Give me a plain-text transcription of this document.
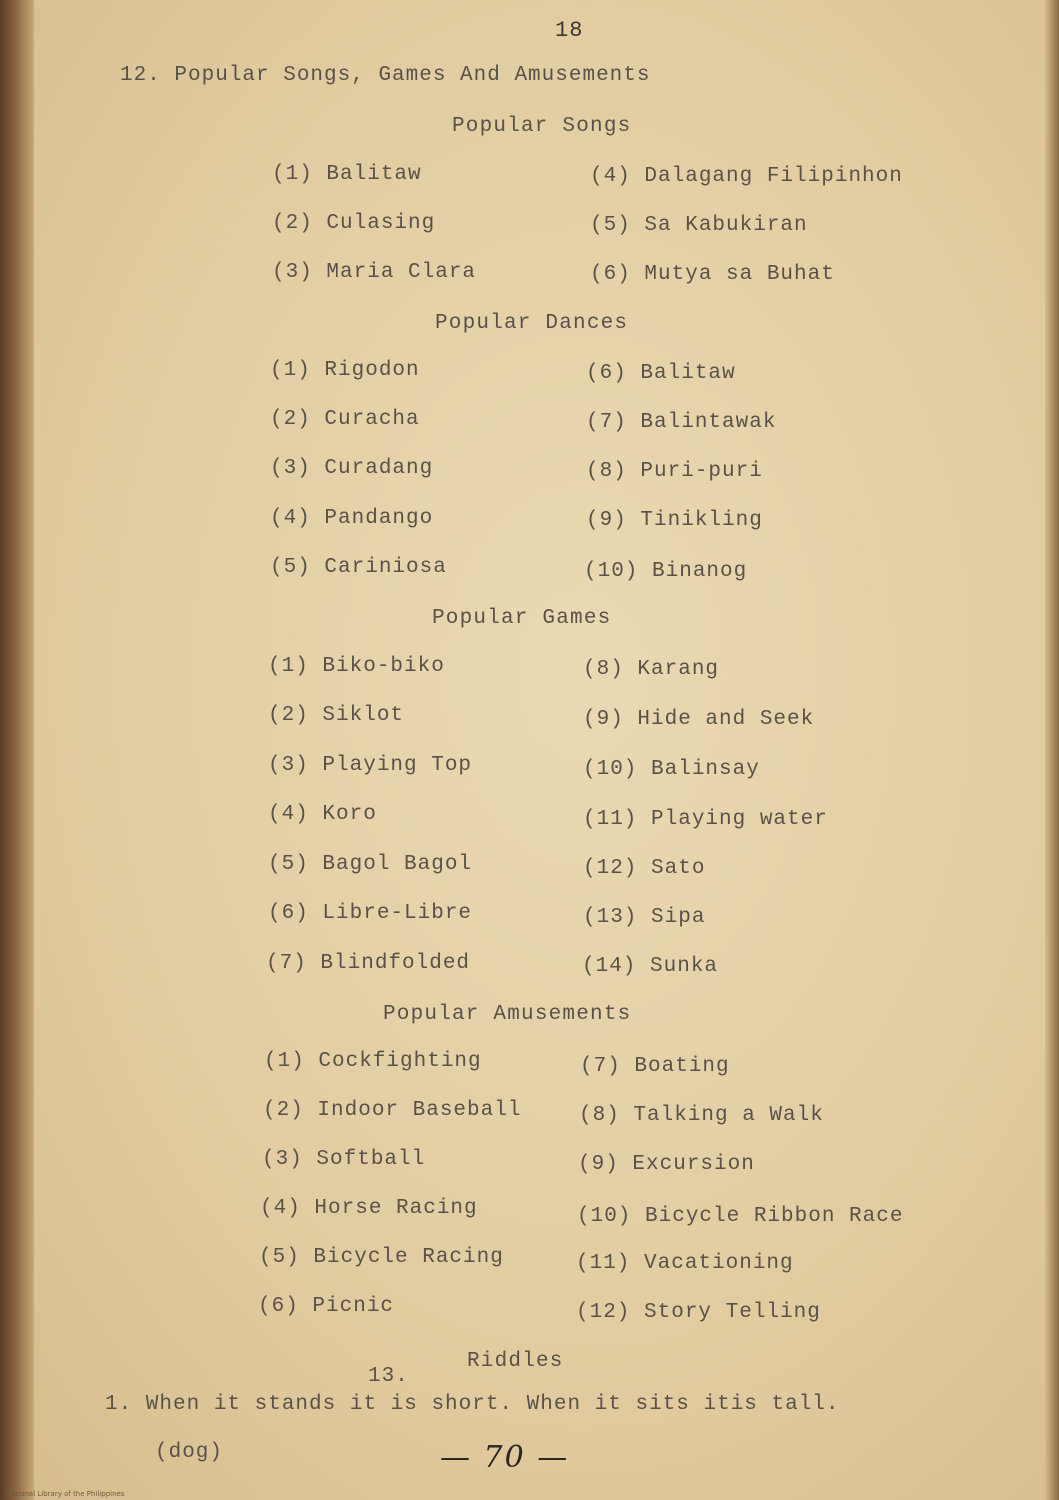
18
12. Popular Songs, Games And Amusements
Popular Songs
(1) Balitaw
(2) Culasing
(3) Maria Clara
(4) Dalagang Filipinhon
(5) Sa Kabukiran
(6) Mutya sa Buhat
Popular Dances
(1) Rigodon
(2) Curacha
(3) Curadang
(4) Pandango
(5) Cariniosa
(6) Balitaw
(7) Balintawak
(8) Puri-puri
(9) Tinikling
(10) Binanog
Popular Games
(1) Biko-biko
(2) Siklot
(3) Playing Top
(4) Koro
(5) Bagol Bagol
(6) Libre-Libre
(7) Blindfolded
(8) Karang
(9) Hide and Seek
(10) Balinsay
(11) Playing water
(12) Sato
(13) Sipa
(14) Sunka
Popular Amusements
(1) Cockfighting
(2) Indoor Baseball
(3) Softball
(4) Horse Racing
(5) Bicycle Racing
(6) Picnic
(7) Boating
(8) Talking a Walk
(9) Excursion
(10) Bicycle Ribbon Race
(11) Vacationing
(12) Story Telling
13.
Riddles
1. When it stands it is short. When it sits itis tall.
(dog)	— 70 —
National Library of the Philippines
